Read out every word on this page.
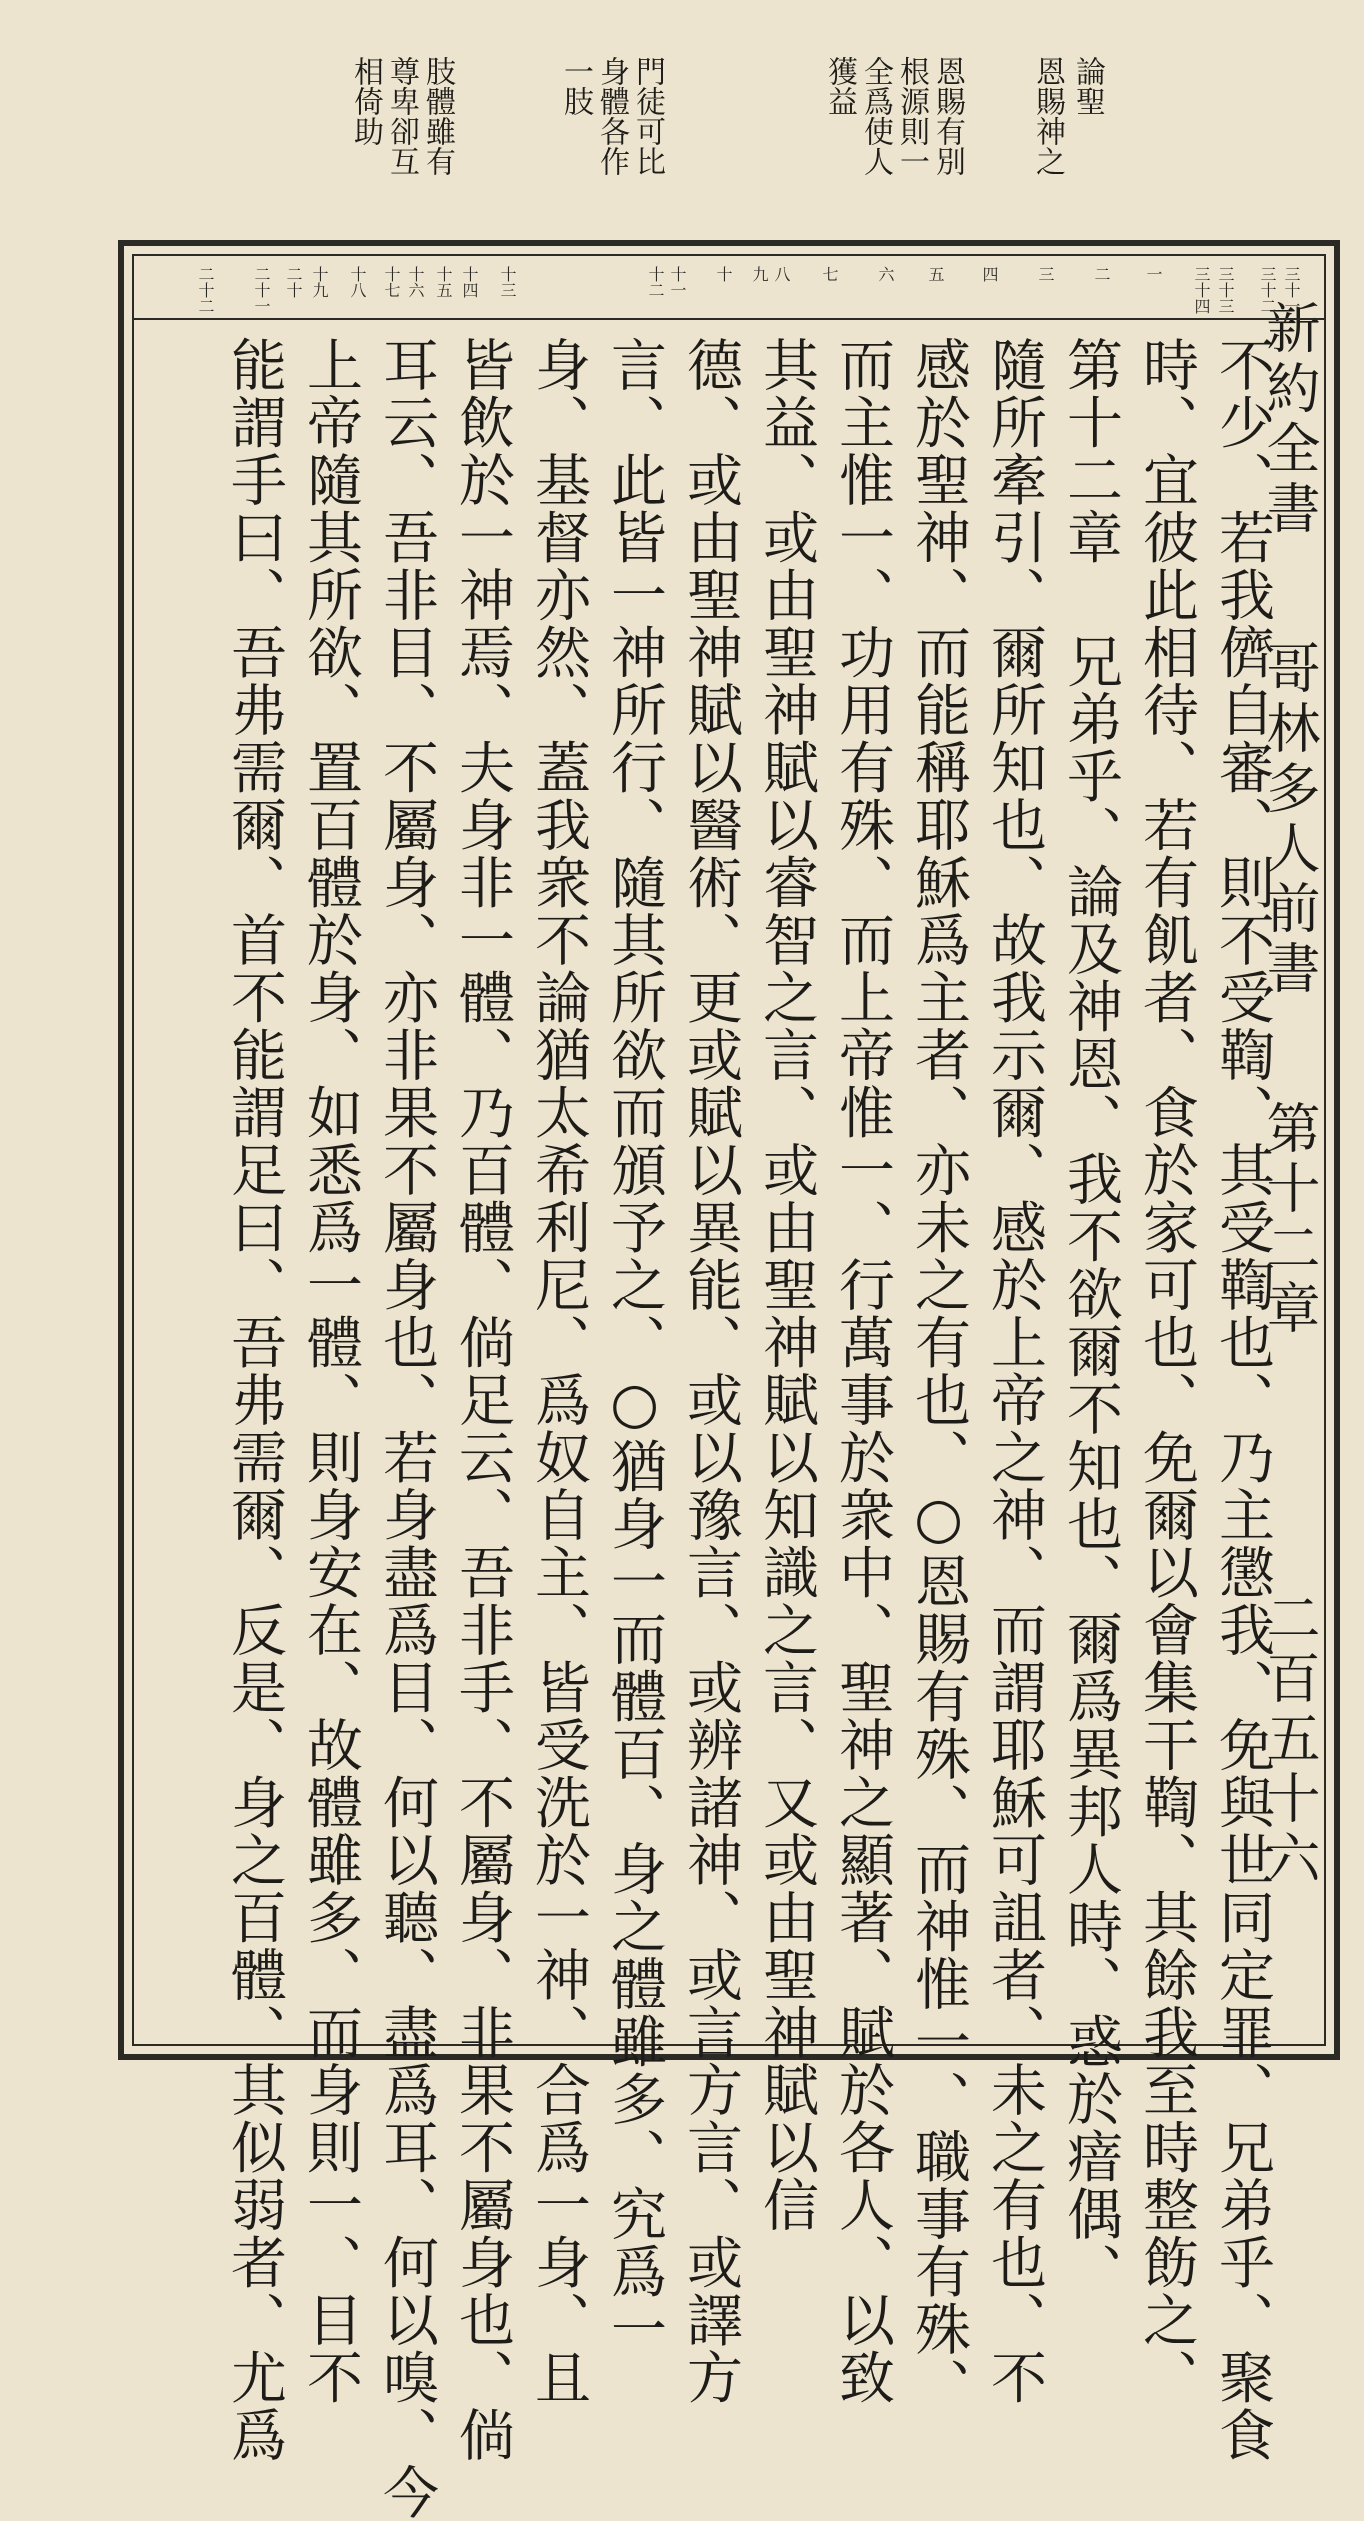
論聖
恩賜神之
恩賜有別
根源則一
全爲使人
獲益
門徒可比
身體各作
一肢
肢體雖有
尊卑卻互
相倚助
新約全書
哥林多人前書
第十二章
二百五十六
三十一
三十二
三十三
三十四
一
二
三
四
五
六
七
八
九
十
十一
十二
十三
十四
十五
十六
十七
十八
十九
二十
二十一
二十二
不少、若我儕自審、則不受鞫、其受鞫也、乃主懲我、免與世同定罪、兄弟乎、聚食
時、宜彼此相待、若有飢者、食於家可也、免爾以會集干鞫、其餘我至時整飭之、
第十二章 兄弟乎、論及神恩、我不欲爾不知也、爾爲異邦人時、惑於瘖偶、
隨所牽引、爾所知也、故我示爾、感於上帝之神、而謂耶穌可詛者、未之有也、不
感於聖神、而能稱耶穌爲主者、亦未之有也、○恩賜有殊、而神惟一、職事有殊、
而主惟一、功用有殊、而上帝惟一、行萬事於衆中、聖神之顯著、賦於各人、以致
其益、或由聖神賦以睿智之言、或由聖神賦以知識之言、又或由聖神賦以信
德、或由聖神賦以醫術、更或賦以異能、或以豫言、或辨諸神、或言方言、或譯方
言、此皆一神所行、隨其所欲而頒予之、○猶身一而體百、身之體雖多、究爲一
身、基督亦然、蓋我衆不論猶太希利尼、爲奴自主、皆受洗於一神、合爲一身、且
皆飲於一神焉、夫身非一體、乃百體、倘足云、吾非手、不屬身、非果不屬身也、倘
耳云、吾非目、不屬身、亦非果不屬身也、若身盡爲目、何以聽、盡爲耳、何以嗅、今
上帝隨其所欲、置百體於身、如悉爲一體、則身安在、故體雖多、而身則一、目不
能謂手曰、吾弗需爾、首不能謂足曰、吾弗需爾、反是、身之百體、其似弱者、尤爲
